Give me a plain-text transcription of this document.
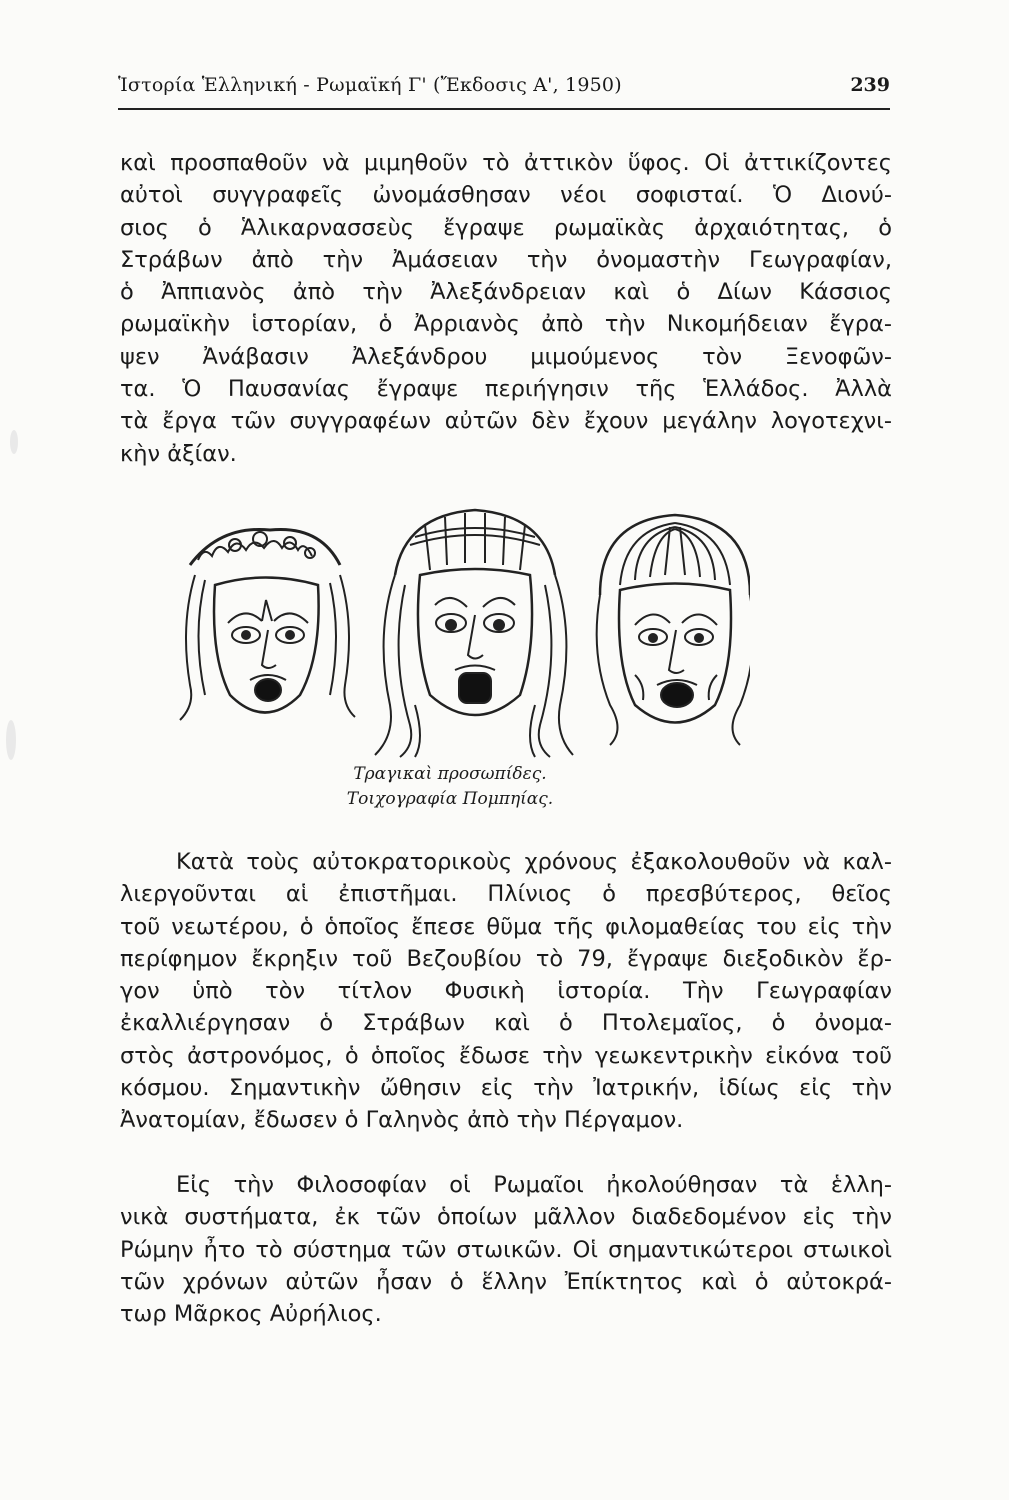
Ἱστορία Ἑλληνική - Ρωμαϊκή Γ' (Ἔκδοσις Α', 1950)	239

καὶ προσπαθοῦν νὰ μιμηθοῦν τὸ ἀττικὸν ὕφος. Οἱ ἀττικίζοντες
αὐτοὶ συγγραφεῖς ὠνομάσθησαν νέοι σοφισταί. Ὁ Διονύ-
σιος ὁ Ἁλικαρνασσεὺς ἔγραψε ρωμαϊκὰς ἀρχαιότητας, ὁ
Στράβων ἀπὸ τὴν Ἀμάσειαν τὴν ὀνομαστὴν Γεωγραφίαν,
ὁ Ἀππιανὸς ἀπὸ τὴν Ἀλεξάνδρειαν καὶ ὁ Δίων Κάσσιος
ρωμαϊκὴν ἱστορίαν, ὁ Ἀρριανὸς ἀπὸ τὴν Νικομήδειαν ἔγρα-
ψεν Ἀνάβασιν Ἀλεξάνδρου μιμούμενος τὸν Ξενοφῶν-
τα. Ὁ Παυσανίας ἔγραψε περιήγησιν τῆς Ἑλλάδος. Ἀλλὰ
τὰ ἔργα τῶν συγγραφέων αὐτῶν δὲν ἔχουν μεγάλην λογοτεχνι-
κὴν ἀξίαν.

Τραγικαὶ προσωπίδες.
Τοιχογραφία Πομπηίας.

Κατὰ τοὺς αὐτοκρατορικοὺς χρόνους ἐξακολουθοῦν νὰ καλ-
λιεργοῦνται αἱ ἐπιστῆμαι. Πλίνιος ὁ πρεσβύτερος, θεῖος
τοῦ νεωτέρου, ὁ ὁποῖος ἔπεσε θῦμα τῆς φιλομαθείας του εἰς τὴν
περίφημον ἔκρηξιν τοῦ Βεζουβίου τὸ 79, ἔγραψε διεξοδικὸν ἔρ-
γον ὑπὸ τὸν τίτλον Φυσικὴ ἱστορία. Τὴν Γεωγραφίαν
ἐκαλλιέργησαν ὁ Στράβων καὶ ὁ Πτολεμαῖος, ὁ ὀνομα-
στὸς ἀστρονόμος, ὁ ὁποῖος ἔδωσε τὴν γεωκεντρικὴν εἰκόνα τοῦ
κόσμου. Σημαντικὴν ὤθησιν εἰς τὴν Ἰατρικήν, ἰδίως εἰς τὴν
Ἀνατομίαν, ἔδωσεν ὁ Γαληνὸς ἀπὸ τὴν Πέργαμον.

Εἰς τὴν Φιλοσοφίαν οἱ Ρωμαῖοι ἠκολούθησαν τὰ ἑλλη-
νικὰ συστήματα, ἐκ τῶν ὁποίων μᾶλλον διαδεδομένον εἰς τὴν
Ρώμην ἦτο τὸ σύστημα τῶν στωικῶν. Οἱ σημαντικώτεροι στωικοὶ
τῶν χρόνων αὐτῶν ἦσαν ὁ ἕλλην Ἐπίκτητος καὶ ὁ αὐτοκρά-
τωρ Μᾶρκος Αὐρήλιος.
